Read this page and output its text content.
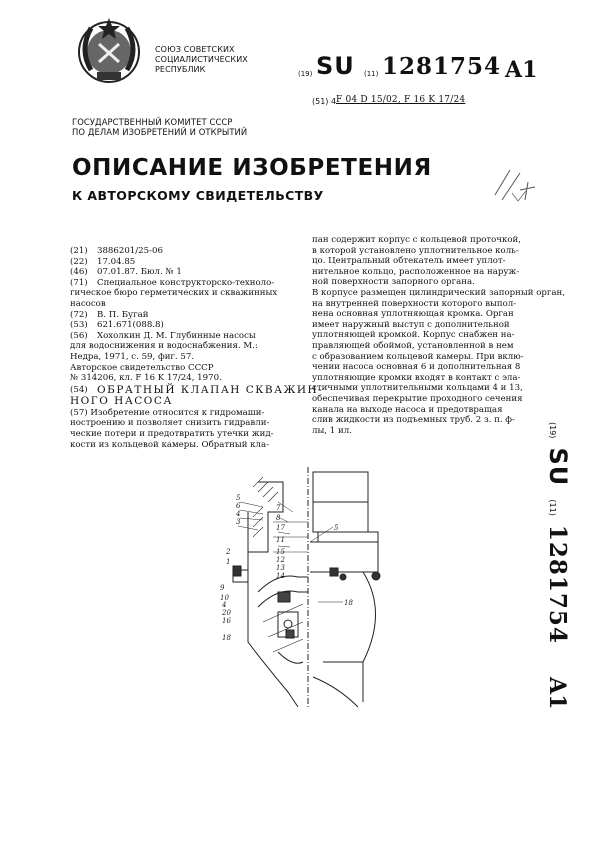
СОЮЗ СОВЕТСКИХ
СОЦИАЛИСТИЧЕСКИХ
РЕСПУБЛИК	(19) SU (11) 1281754 A1
(51) 4 F 04 D 15/02, F 16 K 17/24
ГОСУДАРСТВЕННЫЙ КОМИТЕТ СССР
ПО ДЕЛАМ ИЗОБРЕТЕНИЙ И ОТКРЫТИЙ
ОПИСАНИЕ ИЗОБРЕТЕНИЯ
К АВТОРСКОМУ СВИДЕТЕЛЬСТВУ
(21)	3886201/25-06
(22)	17.04.85
(46)	07.01.87. Бюл. № 1
(71)	Специальное конструкторско-техноло-
гическое бюро герметических и скважинных
насосов
(72)	В. П. Бугай
(53)	621.671(088.8)
(56)	Хохолкин Д. М. Глубинные насосы
для водоснижения и водоснабжения. М.:
Недра, 1971, с. 59, фиг. 57.
Авторское свидетельство СССР
№ 314206, кл. F 16 K 17/24, 1970.
(54) ОБРАТНЫЙ КЛАПАН СКВАЖИН-
НОГО НАСОСА
(57) Изобретение относится к гидромаши-
ностроению и позволяет снизить гидравли-
ческие потери и предотвратить утечки жид-
кости из кольцевой камеры. Обратный кла-
пан содержит корпус с кольцевой проточкой,
в которой установлено уплотнительное коль-
цо. Центральный обтекатель имеет уплот-
нительное кольцо, расположенное на наруж-
ной поверхности запорного органа.
В корпусе размещен цилиндрический запорный орган,
на внутренней поверхности которого выпол-
нена основная уплотняющая кромка. Орган
имеет наружный выступ с дополнительной
уплотняющей кромкой. Корпус снабжен на-
правляющей обоймой, установленной в нем
с образованием кольцевой камеры. При вклю-
чении насоса основная 6 и дополнительная 8
уплотняющие кромки входят в контакт с эла-
стичными уплотнительными кольцами 4 и 13,
обеспечивая перекрытие проходного сечения
канала на выходе насоса и предотвращая
слив жидкости из подъемных труб. 2 з. п. ф-
лы, 1 ил.	(19) SU (11) 1281754 A1
5
6
4
3
7
8
17
11
2
1
15
12
13
14
5
9
18
10
4
20
16
18
